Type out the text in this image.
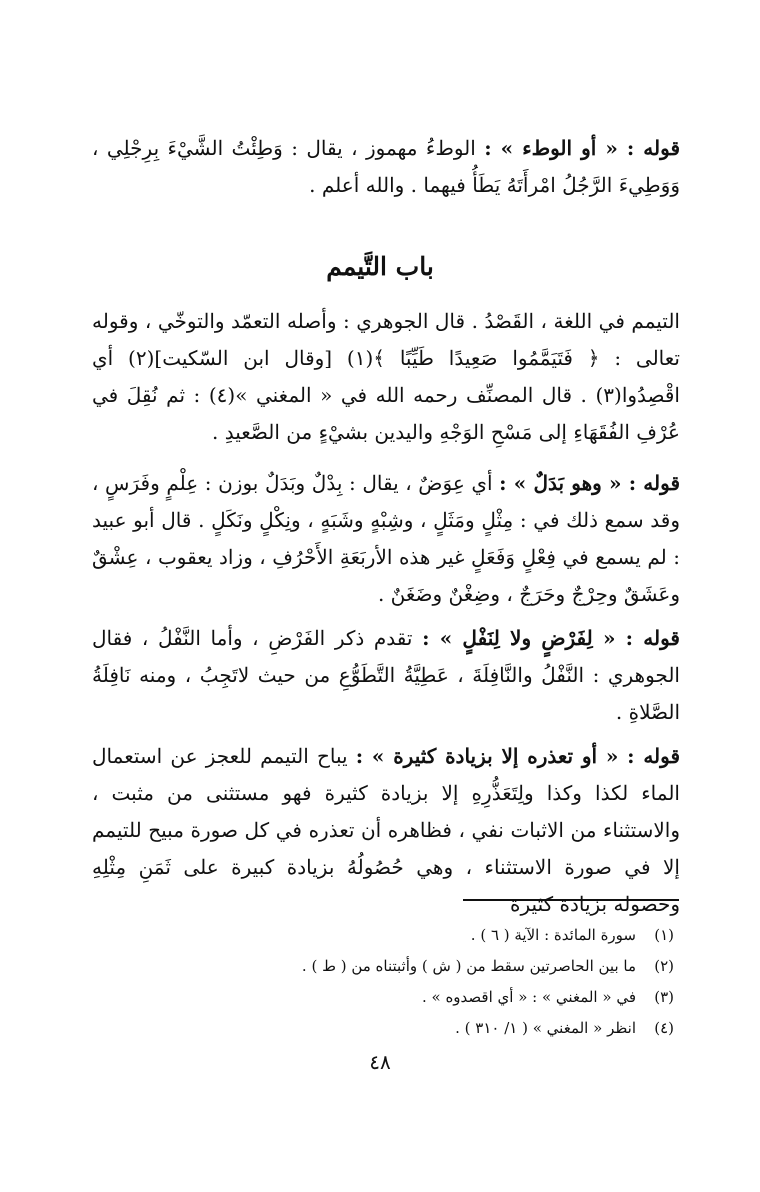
قوله : « أو الوطء » : الوطءُ مهموز ، يقال : وَطِئْتُ الشَّيْءَ بِرِجْلِي ، وَوَطِيءَ الرَّجُلُ امْرأَتَهُ يَطَأُ فيهما . والله أعلم .

باب التَّيمم

التيمم في اللغة ، القَصْدُ . قال الجوهري : وأصله التعمّد والتوخّي ، وقوله تعالى : ﴿ فَتَيَمَّمُوا صَعِيدًا طَيِّبًا ﴾(١) [وقال ابن السّكيت](٢) أي اقْصِدُوا(٣) . قال المصنِّف رحمه الله في « المغني »(٤) : ثم نُقِلَ في عُرْفِ الفُقَهَاءِ إلى مَسْحِ الوَجْهِ واليدين بشيْءٍ من الصَّعيدِ .

قوله : « وهو بَدَلٌ » : أي عِوَضٌ ، يقال : بِدْلٌ وبَدَلٌ بوزن : عِلْمٍ وفَرَسٍ ، وقد سمع ذلك في : مِثْلٍ ومَثَلٍ ، وشِبْهٍ وشَبَهٍ ، ونِكْلٍ ونَكَلٍ . قال أبو عبيد : لم يسمع في فِعْلٍ وَفَعَلٍ غير هذه الأربَعَةِ الأَحْرُفِ ، وزاد يعقوب ، عِشْقٌ وعَشَقٌ وحِرْجٌ وحَرَجٌ ، وضِغْنٌ وضَغَنٌ .

قوله : « لِفَرْضٍ ولا لِنَفْلٍ » : تقدم ذكر الفَرْضِ ، وأما النَّفْلُ ، فقال الجوهري : النَّفْلُ والنَّافِلَةَ ، عَطِيَّةُ التَّطَوُّعِ من حيث لاتَجِبُ ، ومنه نَافِلَةُ الصَّلاةِ .

قوله : « أو تعذره إلا بزيادة كثيرة » : يباح التيمم للعجز عن استعمال الماء لكذا وكذا ولِتَعَذُّرِهِ إلا بزيادة كثيرة فهو مستثنى من مثبت ، والاستثناء من الاثبات نفي ، فظاهره أن تعذره في كل صورة مبيح للتيمم إلا في صورة الاستثناء ، وهي حُصُولُهُ بزيادة كبيرة على ثَمَنِ مِثْلِهِ وحصوله بزيادة كثيرة

(١)
سورة المائدة : الآية ( ٦ ) .
(٢)
ما بين الحاصرتين سقط من ( ش ) وأثبتناه من ( ط ) .
(٣)
في « المغني » : « أي اقصدوه » .
(٤)
انظر « المغني » ( ١/ ٣١٠ ) .
٤٨
